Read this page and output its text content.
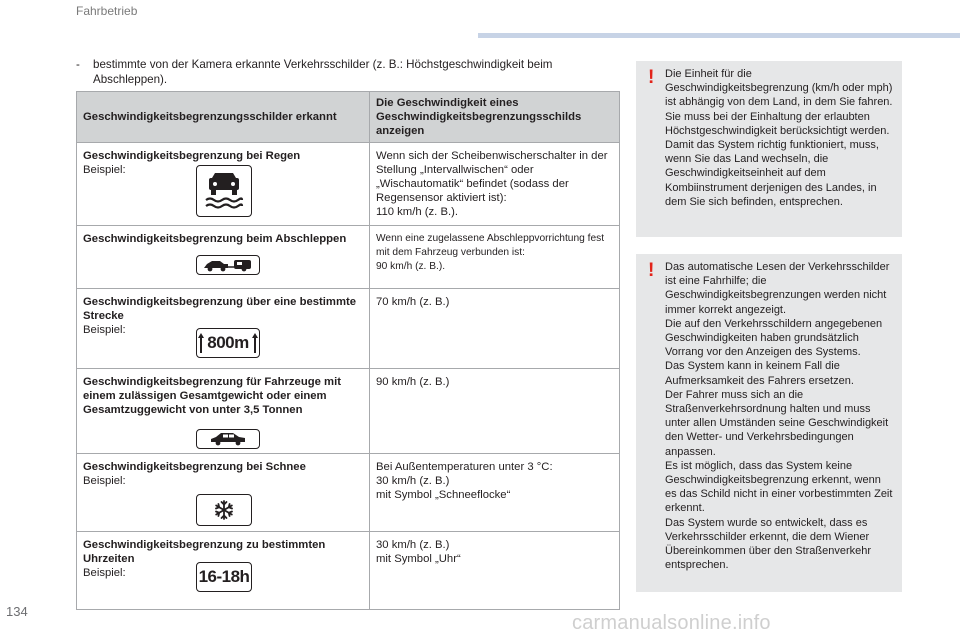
Fahrbetrieb
- bestimmte von der Kamera erkannte Verkehrsschilder (z. B.: Höchstgeschwindigkeit beim Abschleppen).
Geschwindigkeitsbegrenzungsschilder erkannt	Die Geschwindigkeit eines Geschwindigkeitsbegrenzungsschilds anzeigen

Geschwindigkeitsbegrenzung bei Regen
Beispiel:	Wenn sich der Scheibenwischerschalter in der Stellung „Intervallwischen“ oder „Wischautomatik“ befindet (sodass der Regensensor aktiviert ist):
110 km/h (z. B.).

Geschwindigkeitsbegrenzung beim Abschleppen	Wenn eine zugelassene Abschleppvorrichtung fest mit dem Fahrzeug verbunden ist:
90 km/h (z. B.).

Geschwindigkeitsbegrenzung über eine bestimmte Strecke
Beispiel:
800m	70 km/h (z. B.)

Geschwindigkeitsbegrenzung für Fahrzeuge mit einem zulässigen Gesamtgewicht oder einem Gesamtzuggewicht von unter 3,5 Tonnen	90 km/h (z. B.)

Geschwindigkeitsbegrenzung bei Schnee
Beispiel:	Bei Außentemperaturen unter 3 °C:
30 km/h (z. B.)
mit Symbol „Schneeflocke“

Geschwindigkeitsbegrenzung zu bestimmten Uhrzeiten
Beispiel: 16-18h	30 km/h (z. B.)
mit Symbol „Uhr“
! Die Einheit für die Geschwindigkeitsbegrenzung (km/h oder mph) ist abhängig von dem Land, in dem Sie fahren.
Sie muss bei der Einhaltung der erlaubten Höchstgeschwindigkeit berücksichtigt werden.
Damit das System richtig funktioniert, muss, wenn Sie das Land wechseln, die Geschwindigkeitseinheit auf dem Kombiinstrument derjenigen des Landes, in dem Sie sich befinden, entsprechen.

! Das automatische Lesen der Verkehrsschilder ist eine Fahrhilfe; die Geschwindigkeitsbegrenzungen werden nicht immer korrekt angezeigt.
Die auf den Verkehrsschildern angegebenen Geschwindigkeiten haben grundsätzlich Vorrang vor den Anzeigen des Systems.
Das System kann in keinem Fall die Aufmerksamkeit des Fahrers ersetzen.
Der Fahrer muss sich an die Straßenverkehrsordnung halten und muss unter allen Umständen seine Geschwindigkeit den Wetter- und Verkehrsbedingungen anpassen.
Es ist möglich, dass das System keine Geschwindigkeitsbegrenzung erkennt, wenn es das Schild nicht in einer vorbestimmten Zeit erkennt.
Das System wurde so entwickelt, dass es Verkehrsschilder erkennt, die dem Wiener Übereinkommen über den Straßenverkehr entsprechen.

134
carmanualsonline.info
